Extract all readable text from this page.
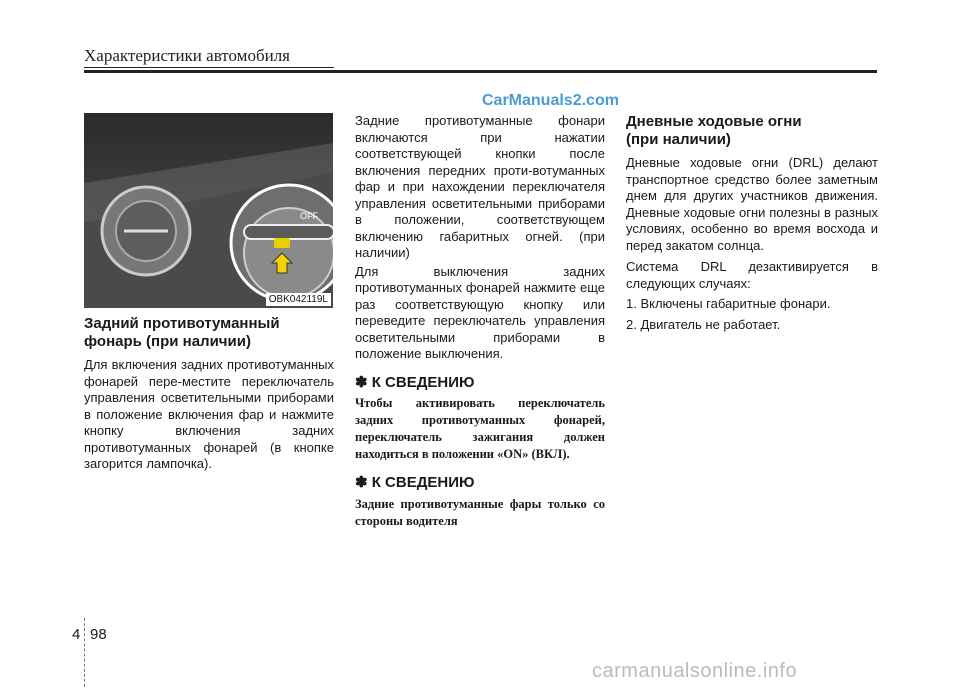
Характеристики автомобиля
CarManuals2.com
OFF
OBK042119L
Задний противотуманный
фонарь (при наличии)

Для включения задних противотуманных фонарей пере-местите переключатель управления осветительными приборами в положение включения фар и нажмите кнопку включения задних противотуманных фонарей (в кнопке загорится лампочка).

Задние противотуманные фонари включаются при нажатии соответствующей кнопки после включения передних проти-вотуманных фар и при нахождении переключателя управления осветительными приборами в положении, соответствующем включению габаритных огней. (при наличии)

Для выключения задних противотуманных фонарей нажмите еще раз соответствующую кнопку или переведите переключатель управления осветительными приборами в положение выключения.

✽ К СВЕДЕНИЮ

Чтобы активировать переключатель задних противотуманных фонарей, переключатель зажигания должен находиться в положении «ON» (ВКЛ).

✽ К СВЕДЕНИЮ

Задние противотуманные фары только со стороны водителя

Дневные ходовые огни
(при наличии)

Дневные ходовые огни (DRL) делают транспортное средство более заметным днем для других участников движения. Дневные ходовые огни полезны в разных условиях, особенно во время восхода и перед закатом солнца.

Система DRL дезактивируется в следующих случаях:

1. Включены габаритные фонари.
2. Двигатель не работает.
4 98
carmanualsonline.info
